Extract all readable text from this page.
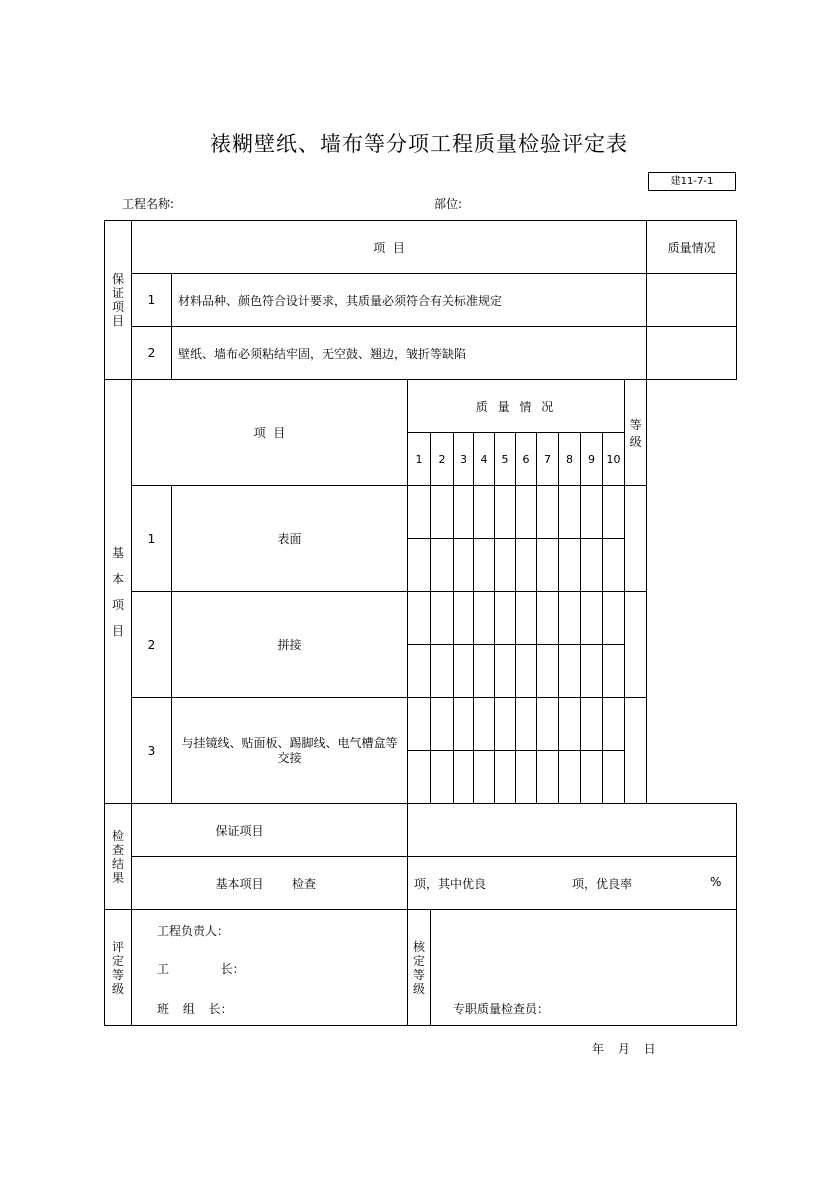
裱糊壁纸、墙布等分项工程质量检验评定表
建11-7-1
工程名称:	部位:
保证项目	项  目													质量情况
	1	材料品种、颜色符合设计要求，其质量必须符合有关标准规定												
	2	壁纸、墙布必须粘结牢固，无空鼓、翘边，皱折等缺陷												
基本项目	项  目		质 量 情 况										等级	
			1	2	3	4	5	6	7	8	9	10		
	1	表面												

	2	拼接												

	3	与挂镜线、贴面板、踢脚线、电气槽盒等交接												

检查结果	保证项目													
	基本项目		检查 项，其中优良 项，优良率 %											

评定等级	工程负责人：
工  长：
班 组 长：		核定等级	专职质量检查员：										
年 月 日
